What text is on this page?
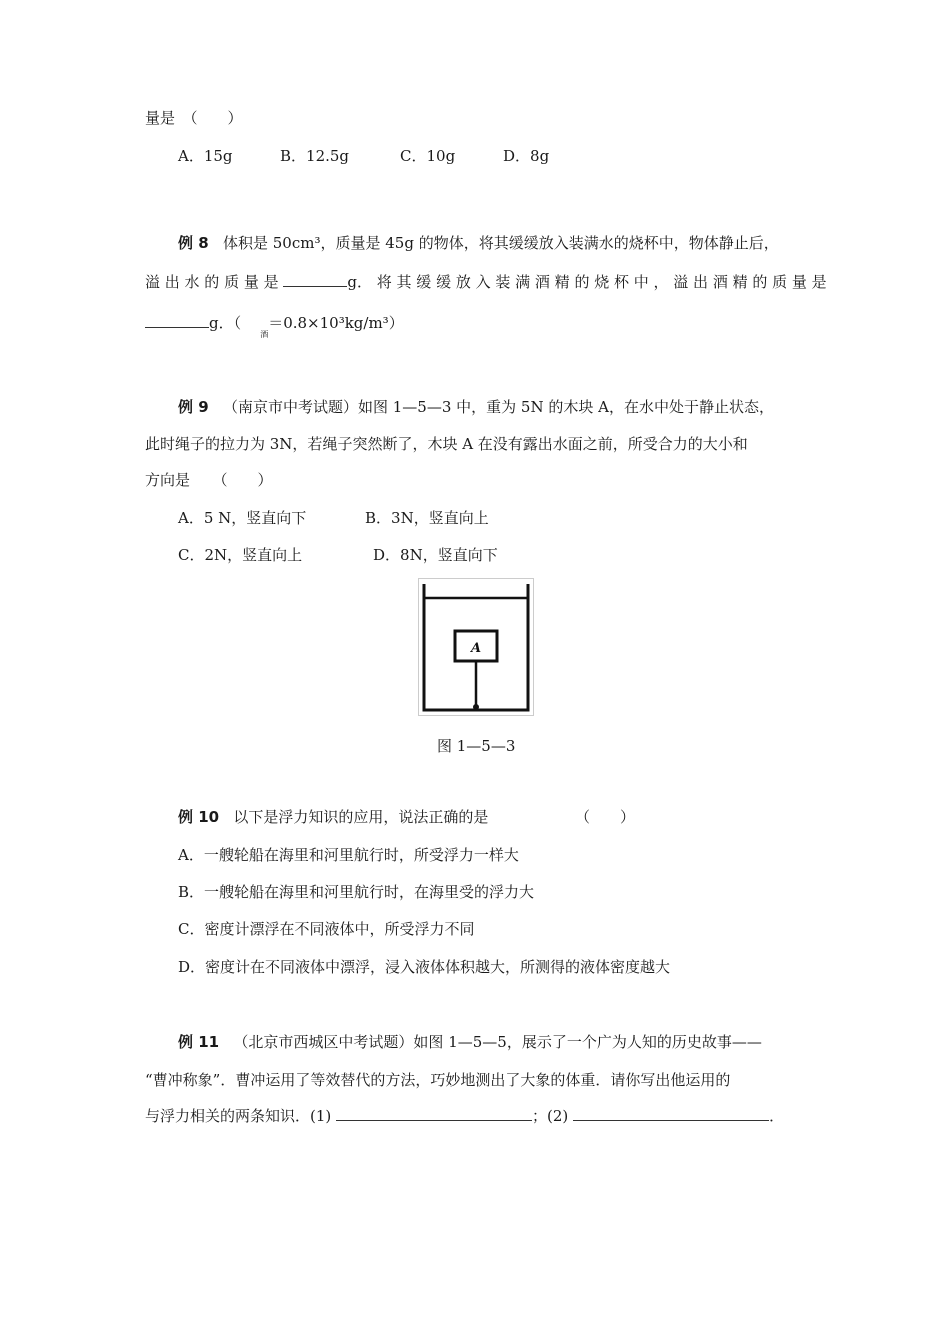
量是　（　　）
A．15g	B．12.5g	C．10g	D．8g
例 8 体积是 50cm³，质量是 45g 的物体，将其缓缓放入装满水的烧杯中，物体静止后，
溢 出 水 的 质 量 是	g． 将 其 缓 缓 放 入 装 满 酒 精 的 烧 杯 中 ， 溢 出 酒 精 的 质 量 是
g．（    $_酒$＝0.8×10³kg/m³）
例 9 （南京市中考试题）如图 1—5—3 中，重为 5N 的木块 A，在水中处于静止状态，
此时绳子的拉力为 3N，若绳子突然断了，木块 A 在没有露出水面之前，所受合力的大小和
方向是　　（　　）
A．5 N，竖直向下	B．3N，竖直向上
C．2N，竖直向上	D．8N，竖直向下
A
图 1—5—3
例 10 以下是浮力知识的应用，说法正确的是	（　　）
A．一艘轮船在海里和河里航行时，所受浮力一样大
B．一艘轮船在海里和河里航行时，在海里受的浮力大
C．密度计漂浮在不同液体中，所受浮力不同
D．密度计在不同液体中漂浮，浸入液体体积越大，所测得的液体密度越大
例 11 （北京市西城区中考试题）如图 1—5—5，展示了一个广为人知的历史故事——
“曹冲称象”．曹冲运用了等效替代的方法，巧妙地测出了大象的体重．请你写出他运用的
与浮力相关的两条知识．(1)	；(2)	．
